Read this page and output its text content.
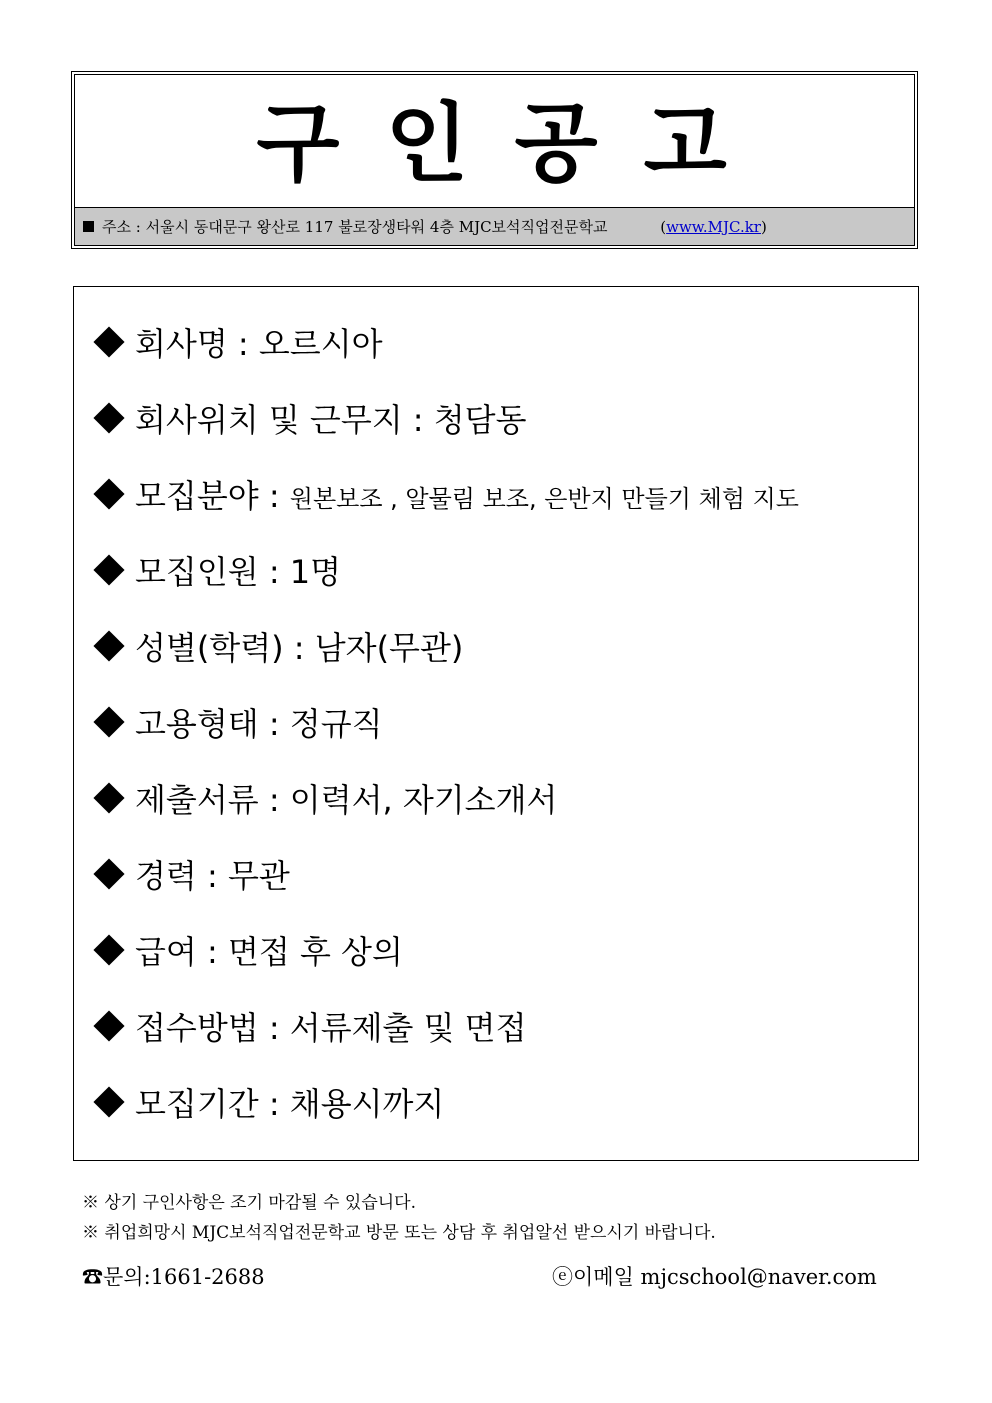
구인공고
주소 : 서울시 동대문구 왕산로 117 불로장생타워 4층 MJC보석직업전문학교	(www.MJC.kr)
회사명 : 오르시아
회사위치 및 근무지 : 청담동
모집분야 : 원본보조 , 알물림 보조, 은반지 만들기 체험 지도
모집인원 : 1명
성별(학력) : 남자(무관)
고용형태 : 정규직
제출서류 : 이력서, 자기소개서
경력 : 무관
급여 : 면접 후 상의
접수방법 : 서류제출 및 면접
모집기간 : 채용시까지
※ 상기 구인사항은 조기 마감될 수 있습니다.
※ 취업희망시 MJC보석직업전문학교 방문 또는 상담 후 취업알선 받으시기 바랍니다.
☎문의:1661-2688	ⓔ이메일 mjcschool@naver.com
